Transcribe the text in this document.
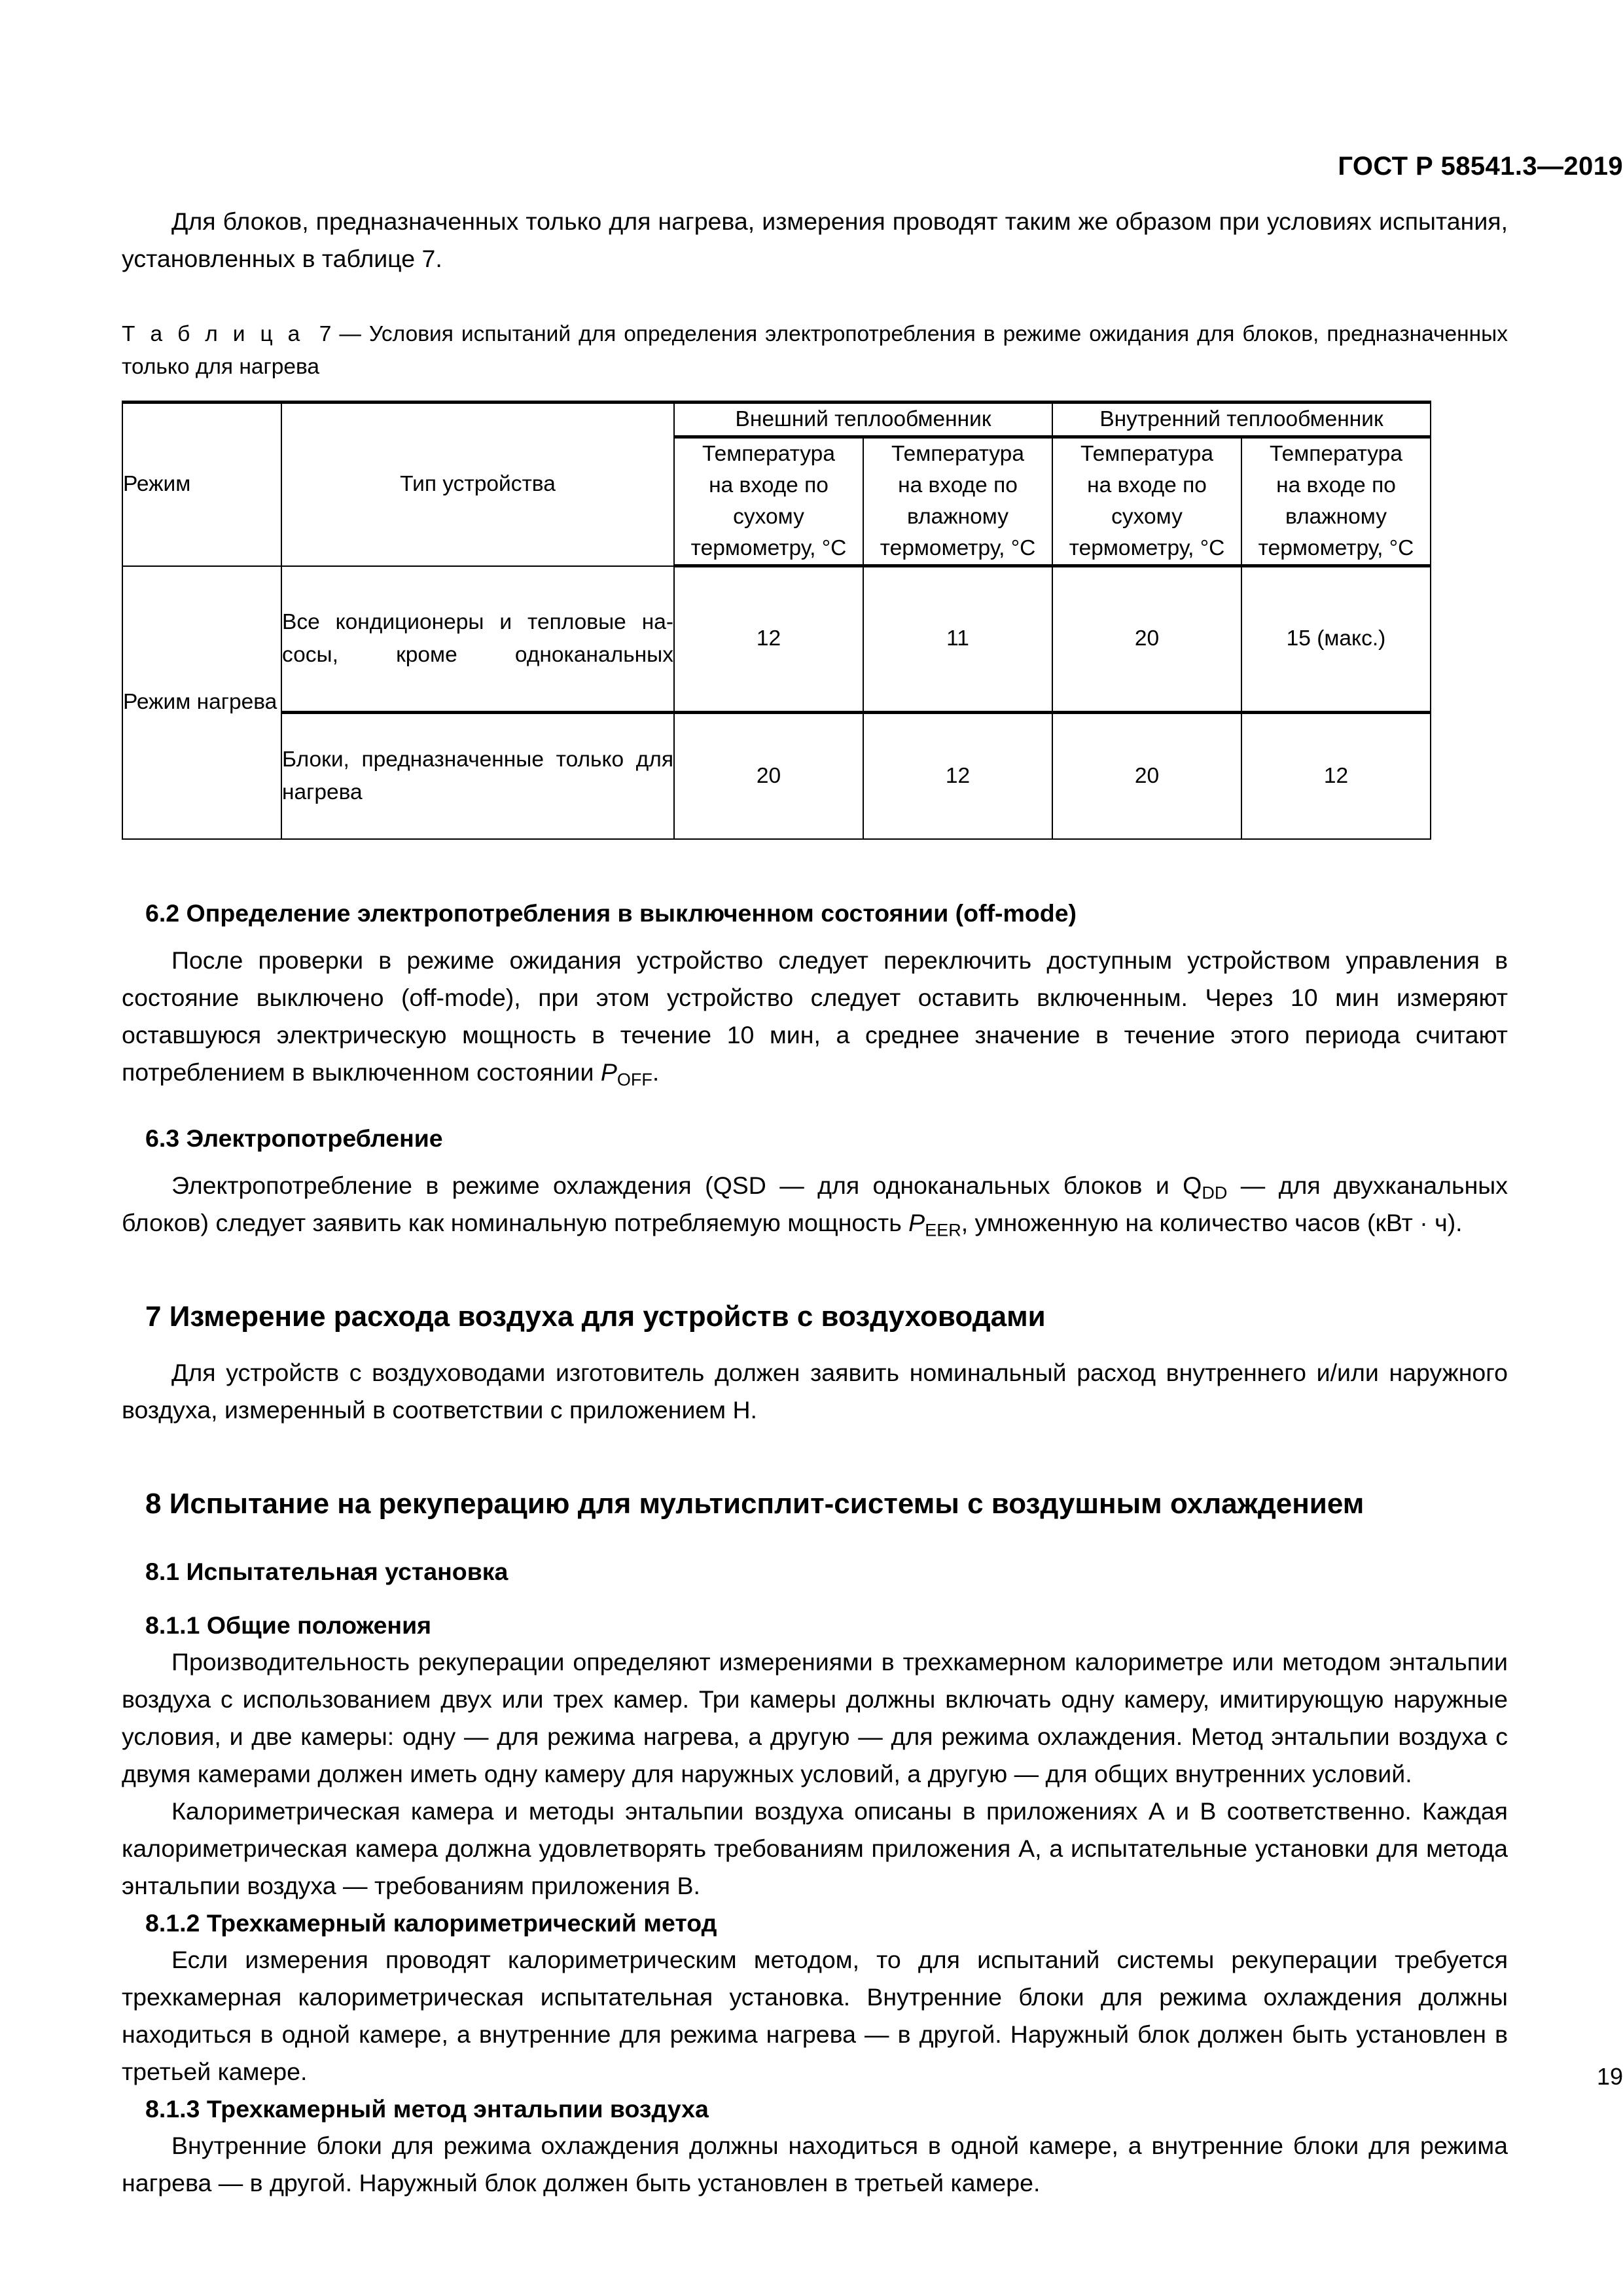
ГОСТ Р 58541.3—2019

Для блоков, предназначенных только для нагрева, измерения проводят таким же образом при условиях испытания, установленных в таблице 7.

Т а б л и ц а 7 — Условия испытаний для определения электропотребления в режиме ожидания для блоков, предназначенных только для нагрева

Режим	Тип устройства	Внешний теплообменник		Внутренний теплообменник	
		Температура
на входе по
сухому
термометру, °C	Температура
на входе по
влажному
термометру, °C	Температура
на входе по
сухому
термометру, °C	Температура
на входе по
влажному
термометру, °C
Режим нагрева	Все кондиционеры и тепловые на-сосы, кроме одноканальных	12	11	20	15 (макс.)
	Блоки, предназначенные только для нагрева	20	12	20	12
6.2 Определение электропотребления в выключенном состоянии (off-mode)

После проверки в режиме ожидания устройство следует переключить доступным устройством управления в состояние выключено (off-mode), при этом устройство следует оставить включенным. Через 10 мин измеряют оставшуюся электрическую мощность в течение 10 мин, а среднее значение в течение этого периода считают потреблением в выключенном состоянии $P_{OFF}$.

6.3 Электропотребление

Электропотребление в режиме охлаждения (QSD — для одноканальных блоков и $Q_{DD}$ — для двухканальных блоков) следует заявить как номинальную потребляемую мощность $P_{EER}$, умноженную на количество часов (кВт · ч).

7 Измерение расхода воздуха для устройств с воздуховодами

Для устройств с воздуховодами изготовитель должен заявить номинальный расход внутреннего и/или наружного воздуха, измеренный в соответствии с приложением H.

8 Испытание на рекуперацию для мультисплит-системы с воздушным охлаждением
8.1 Испытательная установка
8.1.1 Общие положения

Производительность рекуперации определяют измерениями в трехкамерном калориметре или методом энтальпии воздуха с использованием двух или трех камер. Три камеры должны включать одну камеру, имитирующую наружные условия, и две камеры: одну — для режима нагрева, а другую — для режима охлаждения. Метод энтальпии воздуха с двумя камерами должен иметь одну камеру для наружных условий, а другую — для общих внутренних условий.

Калориметрическая камера и методы энтальпии воздуха описаны в приложениях А и В соответственно. Каждая калориметрическая камера должна удовлетворять требованиям приложения А, а испытательные установки для метода энтальпии воздуха — требованиям приложения В.

8.1.2 Трехкамерный калориметрический метод

Если измерения проводят калориметрическим методом, то для испытаний системы рекуперации требуется трехкамерная калориметрическая испытательная установка. Внутренние блоки для режима охлаждения должны находиться в одной камере, а внутренние для режима нагрева — в другой. Наружный блок должен быть установлен в третьей камере.

8.1.3 Трехкамерный метод энтальпии воздуха

Внутренние блоки для режима охлаждения должны находиться в одной камере, а внутренние блоки для режима нагрева — в другой. Наружный блок должен быть установлен в третьей камере.

19
